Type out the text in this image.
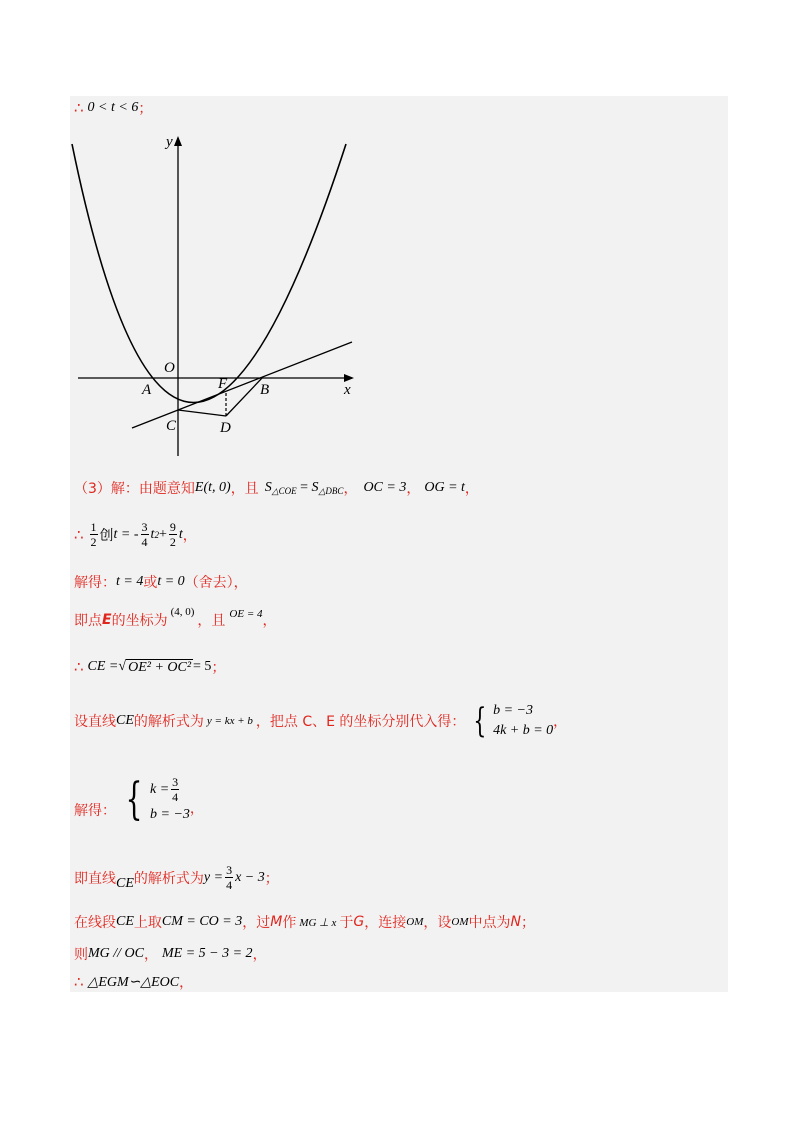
∴ 0 < t < 6 ；
y
x
O
A	B
C	D
F
（3）解：由题意知 E(t, 0) ，且 $S_{\triangle COE} = S_{\triangle DBC}$ ， OC = 3 ， OG = t ，
∴ $\frac{1}{2}$ 创 t = - $\frac{3}{4}$ t $2 + \frac{9}{2}$ t ，
解得： t = 4 或 t = 0 （舍去），
即点 E 的坐标为
(4, 0)
，且 OE = 4 ，
∴ CE = √ OE² + OC² = 5 ；
设直线 CE 的解析式为 y = kx + b ，把点 C、E 的坐标分别代入得： { b = −3
4k + b = 0
，
解得： { $k = \frac{3}{4}$
b = −3 ，
即直线 CE 的解析式为 $y = \frac{3}{4}$ x − 3 ；
在线段 CE 上取 CM = CO = 3 ，过 M 作 MG ⊥ x 于 G ，连接 OM ，设 OM 中点为 N ；
则 MG // OC ， ME = 5 − 3 = 2 ，
∴ △EGM∽△EOC ，
